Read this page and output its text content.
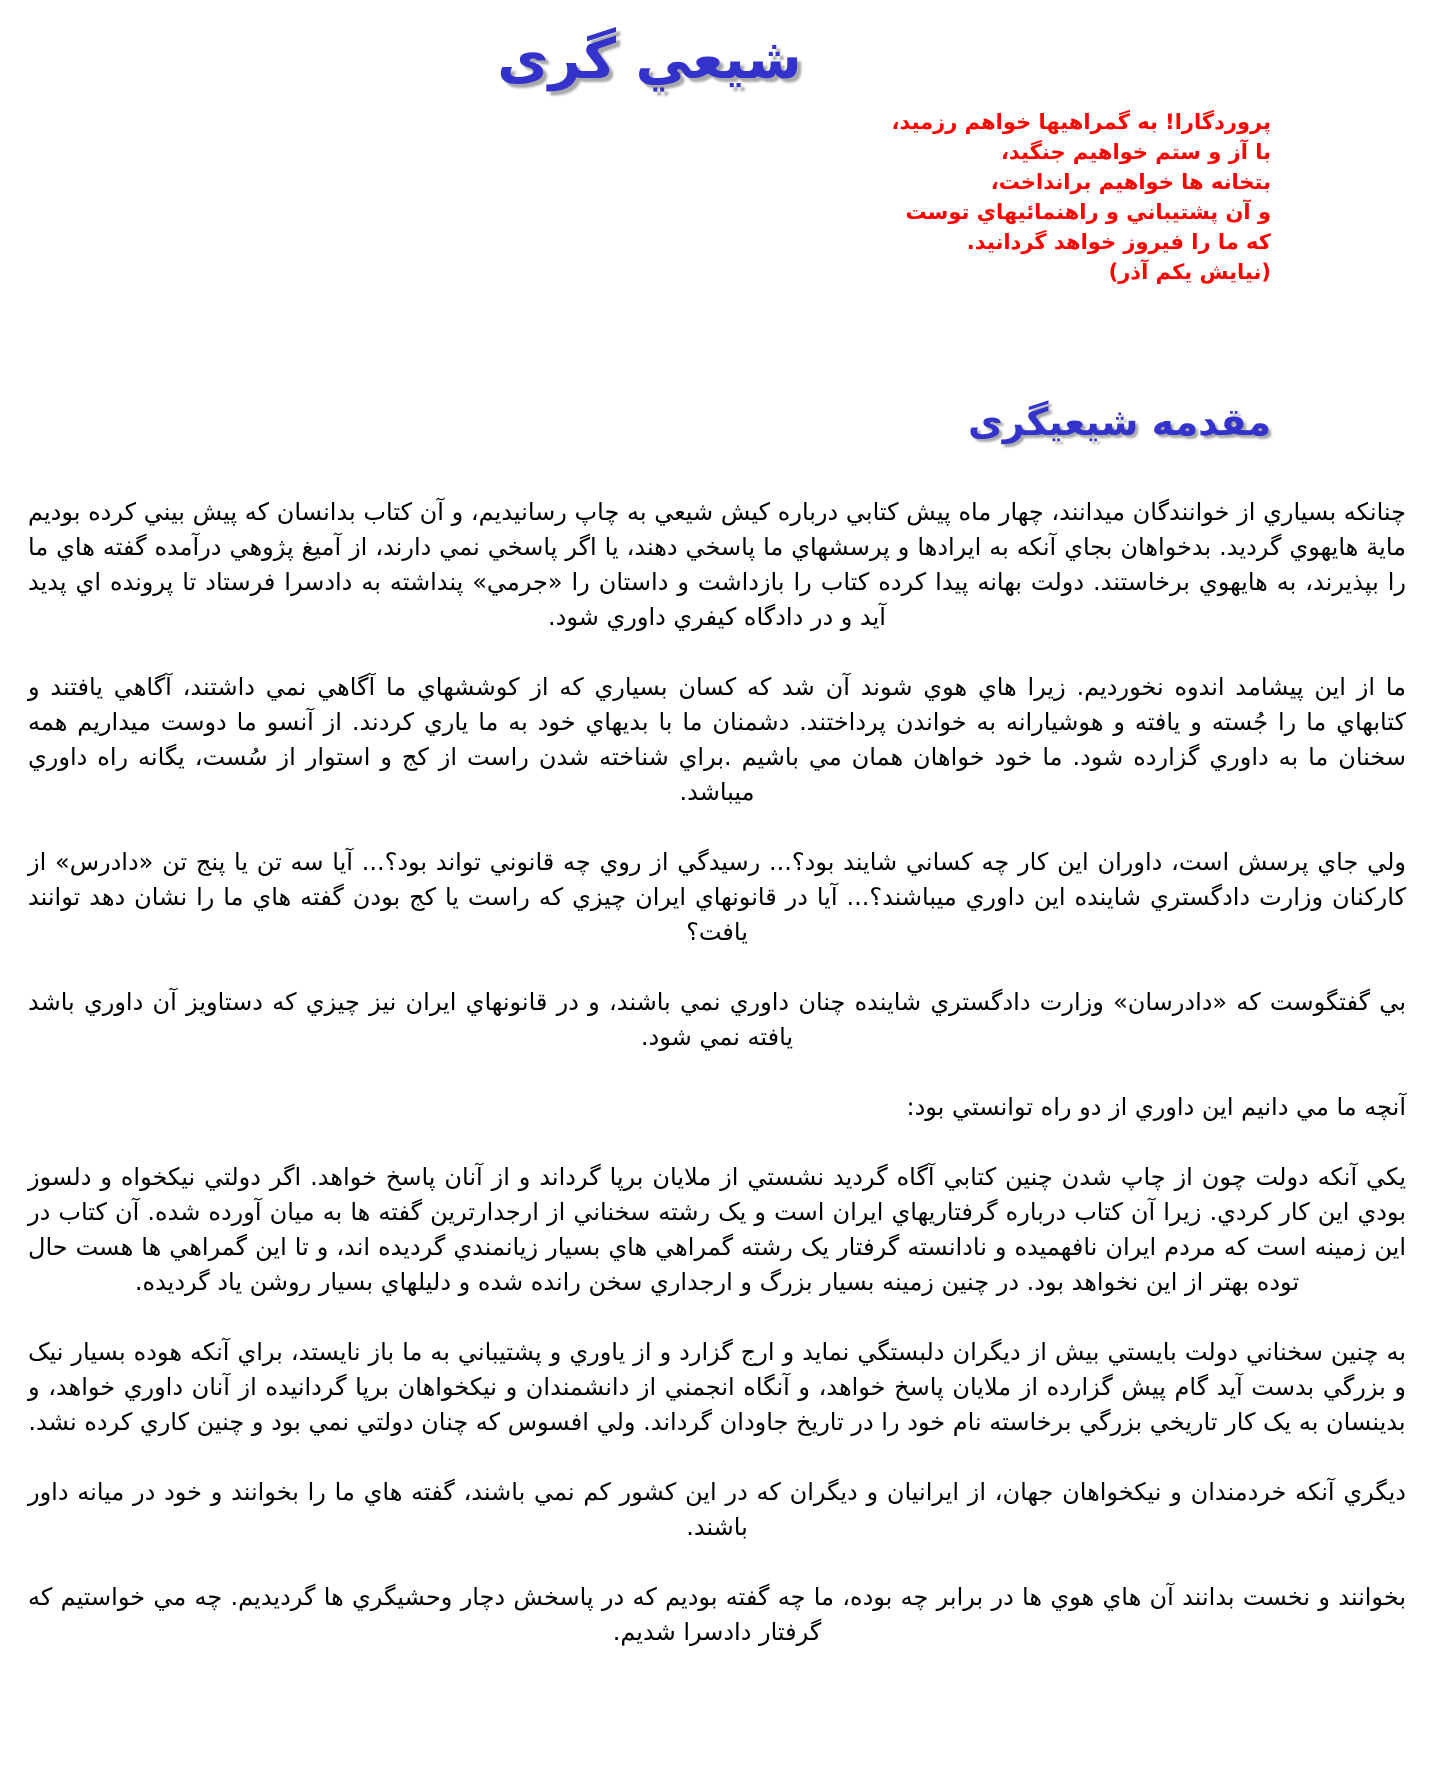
شيعي گری
پروردگارا! به گمراهيها خواهم رزميد،
با آز و ستم خواهيم جنگيد،
بتخانه ها خواهيم برانداخت،
و آن پشتيباني و راهنمائيهاي توست
که ما را فيروز خواهد گردانيد.
(نيايش يکم آذر)
مقدمه شيعيگری

چنانکه بسياري از خوانندگان ميدانند، چهار ماه پيش کتابي درباره کيش شيعي به چاپ رسانيديم، و آن کتاب بدانسان که پيش بيني کرده بوديم ماية هايهوي گرديد. بدخواهان بجاي آنکه به ايرادها و پرسشهاي ما پاسخي دهند، يا اگر پاسخي نمي دارند، از آميغ پژوهي درآمده گفته هاي ما را بپذيرند، به هايهوي برخاستند. دولت بهانه پيدا کرده کتاب را بازداشت و داستان را «جرمي» پنداشته به دادسرا فرستاد تا پرونده اي پديد آيد و در دادگاه کيفري داوري شود.

ما از اين پيشامد اندوه نخورديم. زيرا هاي هوي شوند آن شد که کسان بسياري که از کوششهاي ما آگاهي نمي داشتند، آگاهي يافتند و کتابهاي ما را جُسته و يافته و هوشيارانه به خواندن پرداختند. دشمنان ما با بديهاي خود به ما ياري کردند. از آنسو ما دوست ميداريم همه سخنان ما به داوري گزارده شود. ما خود خواهان همان مي باشيم .براي شناخته شدن راست از کج و استوار از سُست، يگانه راه داوري ميباشد.

ولي جاي پرسش است، داوران اين کار چه کساني شايند بود؟... رسيدگي از روي چه قانوني تواند بود؟... آيا سه تن يا پنج تن «دادرس» از کارکنان وزارت دادگستري شاينده اين داوري ميباشند؟... آيا در قانونهاي ايران چيزي که راست يا کج بودن گفته هاي ما را نشان دهد توانند يافت؟

بي گفتگوست که «دادرسان» وزارت دادگستري شاينده چنان داوري نمي باشند، و در قانونهاي ايران نيز چيزي که دستاويز آن داوري باشد يافته نمي شود.

آنچه ما مي دانيم اين داوري از دو راه توانستي بود:

يکي آنکه دولت چون از چاپ شدن چنين کتابي آگاه گرديد نشستي از ملايان برپا گرداند و از آنان پاسخ خواهد. اگر دولتي نيکخواه و دلسوز بودي اين کار کردي. زيرا آن کتاب درباره گرفتاريهاي ايران است و يک رشته سخناني از ارجدارترين گفته ها به ميان آورده شده. آن کتاب در اين زمينه است که مردم ايران نافهميده و نادانسته گرفتار يک رشته گمراهي هاي بسيار زيانمندي گرديده اند، و تا اين گمراهي ها هست حال توده بهتر از اين نخواهد بود. در چنين زمينه بسيار بزرگ و ارجداري سخن رانده شده و دليلهاي بسيار روشن ياد گرديده.

به چنين سخناني دولت بايستي بيش از ديگران دلبستگي نمايد و ارج گزارد و از ياوري و پشتيباني به ما باز نايستد، براي آنکه هوده بسيار نيک و بزرگي بدست آيد گام پيش گزارده از ملايان پاسخ خواهد، و آنگاه انجمني از دانشمندان و نيکخواهان برپا گردانيده از آنان داوري خواهد، و بدينسان به يک کار تاريخي بزرگي برخاسته نام خود را در تاريخ جاودان گرداند. ولي افسوس که چنان دولتي نمي بود و چنين کاري کرده نشد.

ديگري آنکه خردمندان و نيکخواهان جهان، از ايرانيان و ديگران که در اين کشور کم نمي باشند، گفته هاي ما را بخوانند و خود در ميانه داور باشند.

بخوانند و نخست بدانند آن هاي هوي ها در برابر چه بوده، ما چه گفته بوديم که در پاسخش دچار وحشيگري ها گرديديم. چه مي خواستيم که گرفتار دادسرا شديم.
